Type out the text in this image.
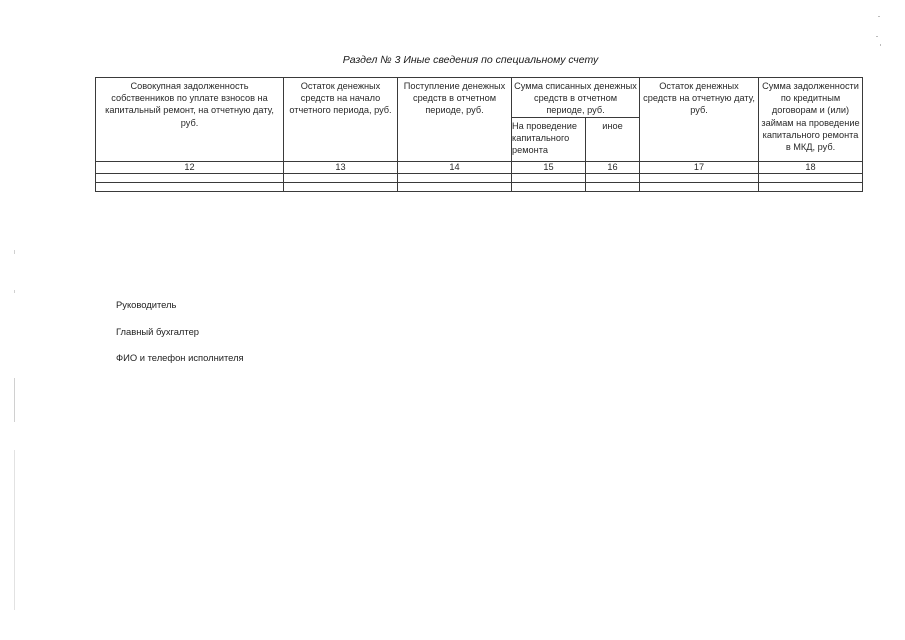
Раздел № 3 Иные сведения по специальному счету
Совокупная задолженность собственников по уплате взносов на капитальный ремонт, на отчетную дату, руб.	Остаток денежных средств на начало отчетного периода, руб.	Поступление денежных средств в отчетном периоде, руб.	Сумма списанных денежных средств в отчетном периоде, руб.		Остаток денежных средств на отчетную дату, руб.	Сумма задолженности по кредитным договорам и (или) займам на проведение капитального ремонта в МКД, руб.
			На проведение капитального ремонта	иное		
12	13	14	15	16	17	18

Руководитель
Главный бухгалтер
ФИО и телефон исполнителя
